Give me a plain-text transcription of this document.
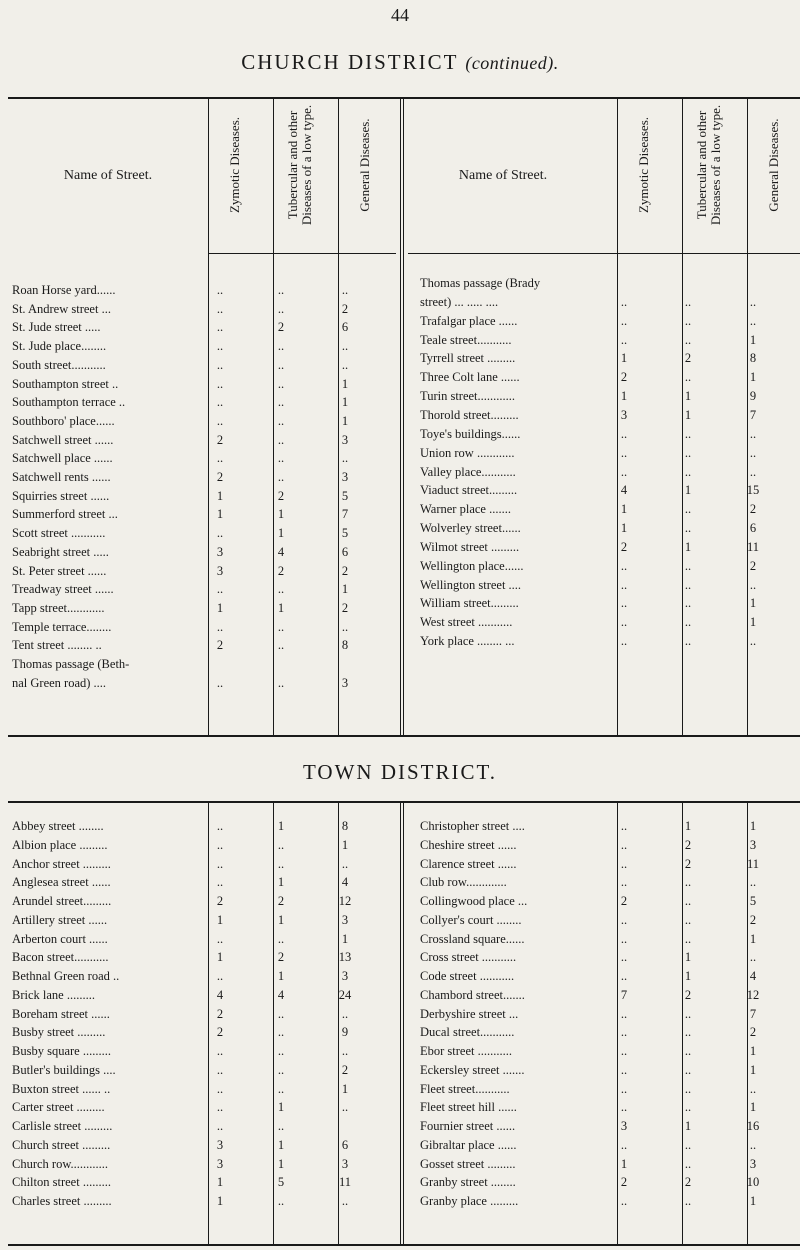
44
CHURCH DISTRICT (continued).
Name of Street.	Zymotic Diseases.	Tubercular and other Diseases of a low type.	General Diseases.	Name of Street.	Zymotic Diseases.	Tubercular and other Diseases of a low type.	General Diseases.
TOWN DISTRICT.
Roan Horse yard......	..	..	..
St. Andrew street ...	..	..	2
St. Jude street .....	..	2	6
St. Jude place........	..	..	..
South street...........	..	..	..
Southampton street ..	..	..	1
Southampton terrace ..	..	..	1
Southboro' place......	..	..	1
Satchwell street ......	2	..	3
Satchwell place ......	..	..	..
Satchwell rents ......	2	..	3
Squirries street ......	1	2	5
Summerford street ...	1	1	7
Scott street ...........	..	1	5
Seabright street .....	3	4	6
St. Peter street ......	3	2	2
Treadway street ......	..	..	1
Tapp street............	1	1	2
Temple terrace........	..	..	..
Tent street ........ ..	2	..	8
Thomas passage (Beth-
nal Green road) ....	..	..	3
Thomas passage (Brady
street) ... ..... ....	..	..	..
Trafalgar place ......	..	..	..
Teale street...........	..	..	1
Tyrrell street .........	1	2	8
Three Colt lane ......	2	..	1
Turin street............	1	1	9
Thorold street.........	3	1	7
Toye's buildings......	..	..	..
Union row ............	..	..	..
Valley place...........	..	..	..
Viaduct street.........	4	1	15
Warner place .......	1	..	2
Wolverley street......	1	..	6
Wilmot street .........	2	1	11
Wellington place......	..	..	2
Wellington street ....	..	..	..
William street.........	..	..	1
West street ...........	..	..	1
York place ........ ...	..	..	..
Abbey street ........	..	1	8
Albion place .........	..	..	1
Anchor street .........	..	..	..
Anglesea street ......	..	1	4
Arundel street.........	2	2	12
Artillery street ......	1	1	3
Arberton court ......	..	..	1
Bacon street...........	1	2	13
Bethnal Green road ..	..	1	3
Brick lane .........	4	4	24
Boreham street ......	2	..	..
Busby street .........	2	..	9
Busby square .........	..	..	..
Butler's buildings ....	..	..	2
Buxton street ...... ..	..	..	1
Carter street .........	..	1	..
Carlisle street .........	..	..
Church street .........	3	1	6
Church row............	3	1	3
Chilton street .........	1	5	11
Charles street .........	1	..	..
Christopher street ....	..	1	1
Cheshire street ......	..	2	3
Clarence street ......	..	2	11
Club row.............	..	..	..
Collingwood place ...	2	..	5
Collyer's court ........	..	..	2
Crossland square......	..	..	1
Cross street ...........	..	1	..
Code street ...........	..	1	4
Chambord street.......	7	2	12
Derbyshire street ...	..	..	7
Ducal street...........	..	..	2
Ebor street ...........	..	..	1
Eckersley street .......	..	..	1
Fleet street...........	..	..	..
Fleet street hill ......	..	..	1
Fournier street ......	3	1	16
Gibraltar place ......	..	..	..
Gosset street .........	1	..	3
Granby street ........	2	2	10
Granby place .........	..	..	1
